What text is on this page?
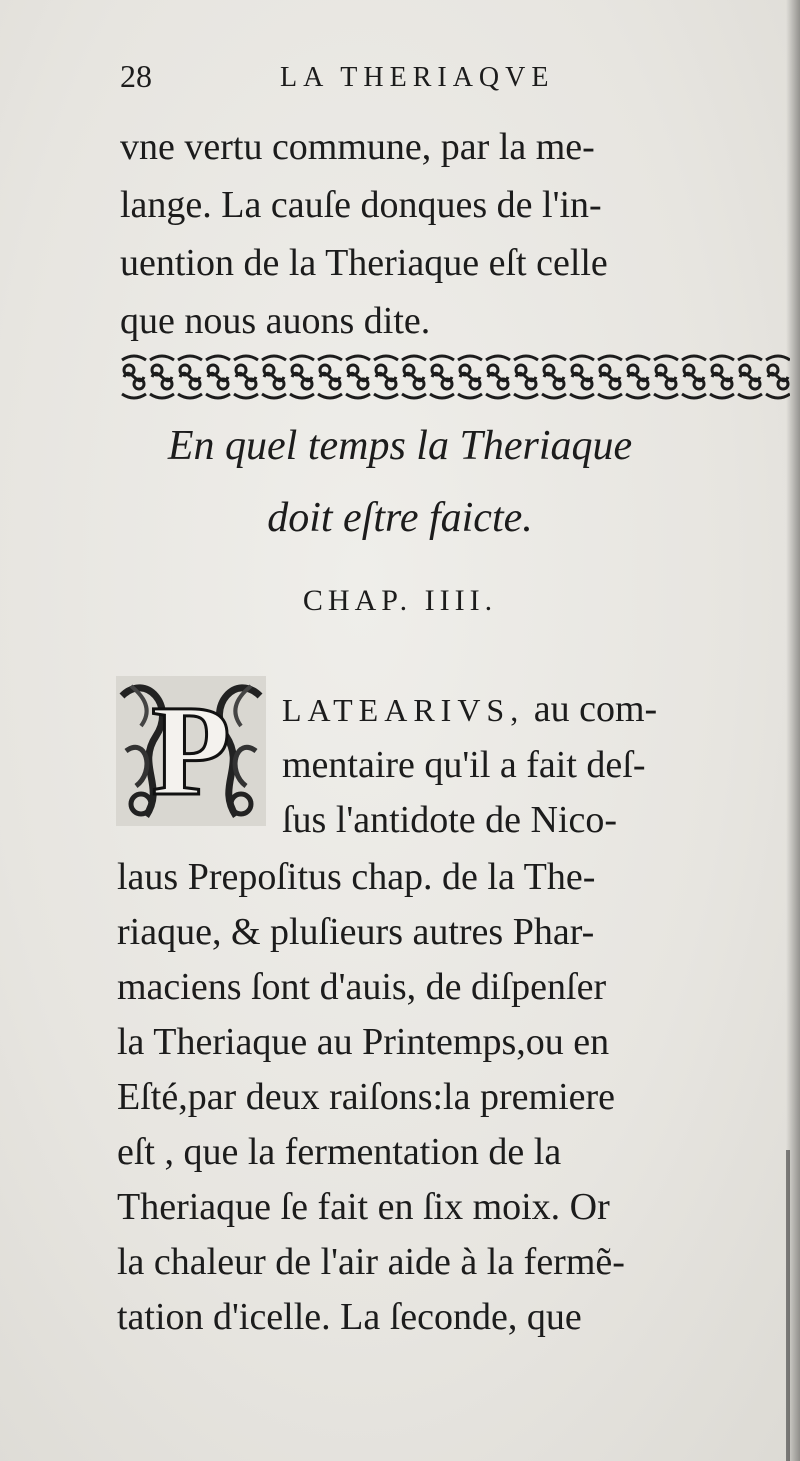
28	LA THERIAQVE
vne vertu commune, par la me-
lange. La cauſe donques de l'in-
uention de la Theriaque eſt celle
que nous auons dite.
En quel temps la Theriaque
doit eſtre faicte.
CHAP. IIII.
P LATEARIVS, au com-
mentaire qu'il a fait deſ-
ſus l'antidote de Nico-
laus Prepoſitus chap. de la The-
riaque, & pluſieurs autres Phar-
maciens ſont d'auis, de diſpenſer
la Theriaque au Printemps,ou en
Eſté,par deux raiſons:la premiere
eſt , que la fermentation de la
Theriaque ſe fait en ſix moix. Or
la chaleur de l'air aide à la fermẽ-
tation d'icelle. La ſeconde, que
